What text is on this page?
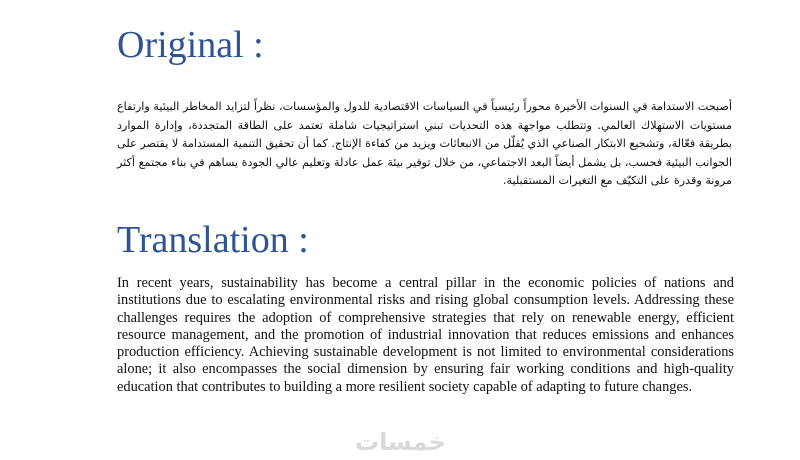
Original :

أصبحت الاستدامة في السنوات الأخيرة محوراً رئيسياً في السياسات الاقتصادية للدول والمؤسسات، نظراً لتزايد المخاطر البيئية وارتفاع مستويات الاستهلاك العالمي. وتتطلب مواجهة هذه التحديات تبني استراتيجيات شاملة تعتمد على الطاقة المتجددة، وإدارة الموارد بطريقة فعّالة، وتشجيع الابتكار الصناعي الذي يُقلّل من الانبعاثات ويزيد من كفاءة الإنتاج. كما أن تحقيق التنمية المستدامة لا يقتصر على الجوانب البيئية فحسب، بل يشمل أيضاً البعد الاجتماعي، من خلال توفير بيئة عمل عادلة وتعليم عالي الجودة يساهم في بناء مجتمع أكثر مرونة وقدرة على التكيّف مع التغيرات المستقبلية.

Translation :

In recent years, sustainability has become a central pillar in the economic policies of nations and institutions due to escalating environmental risks and rising global consumption levels. Addressing these challenges requires the adoption of comprehensive strategies that rely on renewable energy, efficient resource management, and the promotion of industrial innovation that reduces emissions and enhances production efficiency. Achieving sustainable development is not limited to environmental considerations alone; it also encompasses the social dimension by ensuring fair working conditions and high-quality education that contributes to building a more resilient society capable of adapting to future changes.

خمسات
